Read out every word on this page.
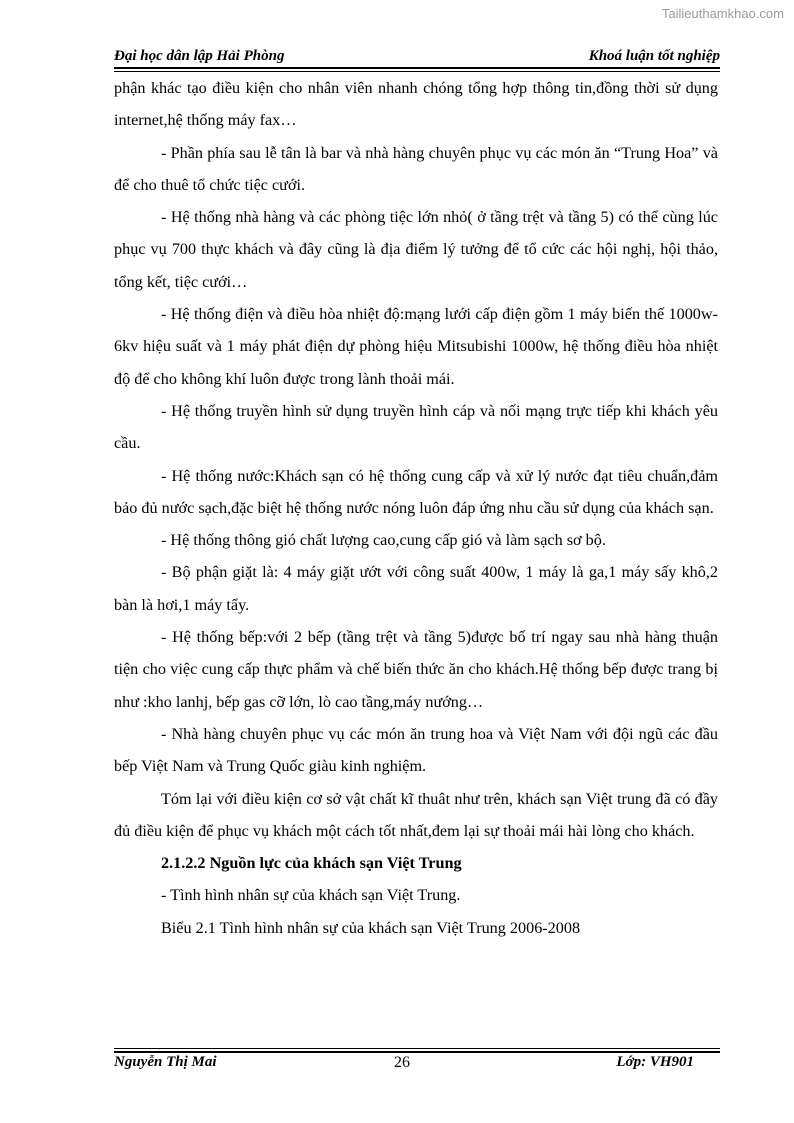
Tailieuthamkhao.com
Đại học dân lập Hải Phòng	Khoá luận tốt nghiệp

phận khác tạo điều kiện cho nhân viên nhanh chóng tổng hợp thông tin,đồng thời sử dụng internet,hệ thống máy fax…

- Phần phía sau lễ tân là bar và nhà hàng chuyên phục vụ các món ăn “Trung Hoa” và để cho thuê tổ chức tiệc cưới.

- Hệ thống nhà hàng và các phòng tiệc lớn nhỏ( ở tầng trệt và tầng 5) có thể cùng lúc phục vụ 700 thực khách và đây cũng là địa điểm lý tưởng để tổ cức các hội nghị, hội thảo, tổng kết, tiệc cưới…

- Hệ thống điện và điều hòa nhiệt độ:mạng lưới cấp điện gồm 1 máy biến thế 1000w-6kv hiệu suất và 1 máy phát điện dự phòng hiệu Mitsubishi 1000w, hệ thống điều hòa nhiệt độ để cho không khí luôn được trong lành thoải mái.

- Hệ thống truyền hình sử dụng truyền hình cáp và nối mạng trực tiếp khi khách yêu cầu.

- Hệ thống nước:Khách sạn có hệ thống cung cấp và xử lý nước đạt tiêu chuẩn,đảm bảo đủ nước sạch,đặc biệt hệ thống nước nóng luôn đáp ứng nhu cầu sử dụng của khách sạn.

- Hệ thống thông gió chất lượng cao,cung cấp gió và làm sạch sơ bộ.

- Bộ phận giặt là: 4 máy giặt ướt với công suất 400w, 1 máy là ga,1 máy sấy khô,2 bàn là hơi,1 máy tẩy.

- Hệ thống bếp:với 2 bếp (tầng trệt và tầng 5)được bố trí ngay sau nhà hàng thuận tiện cho việc cung cấp thực phẩm và chế biến thức ăn cho khách.Hệ thống bếp được trang bị như :kho lanhj, bếp gas cỡ lớn, lò cao tầng,máy nướng…

- Nhà hàng chuyên phục vụ các món ăn trung hoa và Việt Nam với đội ngũ các đầu bếp Việt Nam và Trung Quốc giàu kinh nghiệm.

Tóm lại với điều kiện cơ sở vật chất kĩ thuât như trên, khách sạn Việt trung đã có đầy đủ điều kiện để phục vụ khách một cách tốt nhất,đem lại sự thoải mái hài lòng cho khách.

2.1.2.2 Nguồn lực của khách sạn Việt Trung

- Tình hình nhân sự của khách sạn Việt Trung.

Biểu 2.1 Tình hình nhân sự của khách sạn Việt Trung 2006-2008

Nguyễn Thị Mai	26	Lớp: VH901
